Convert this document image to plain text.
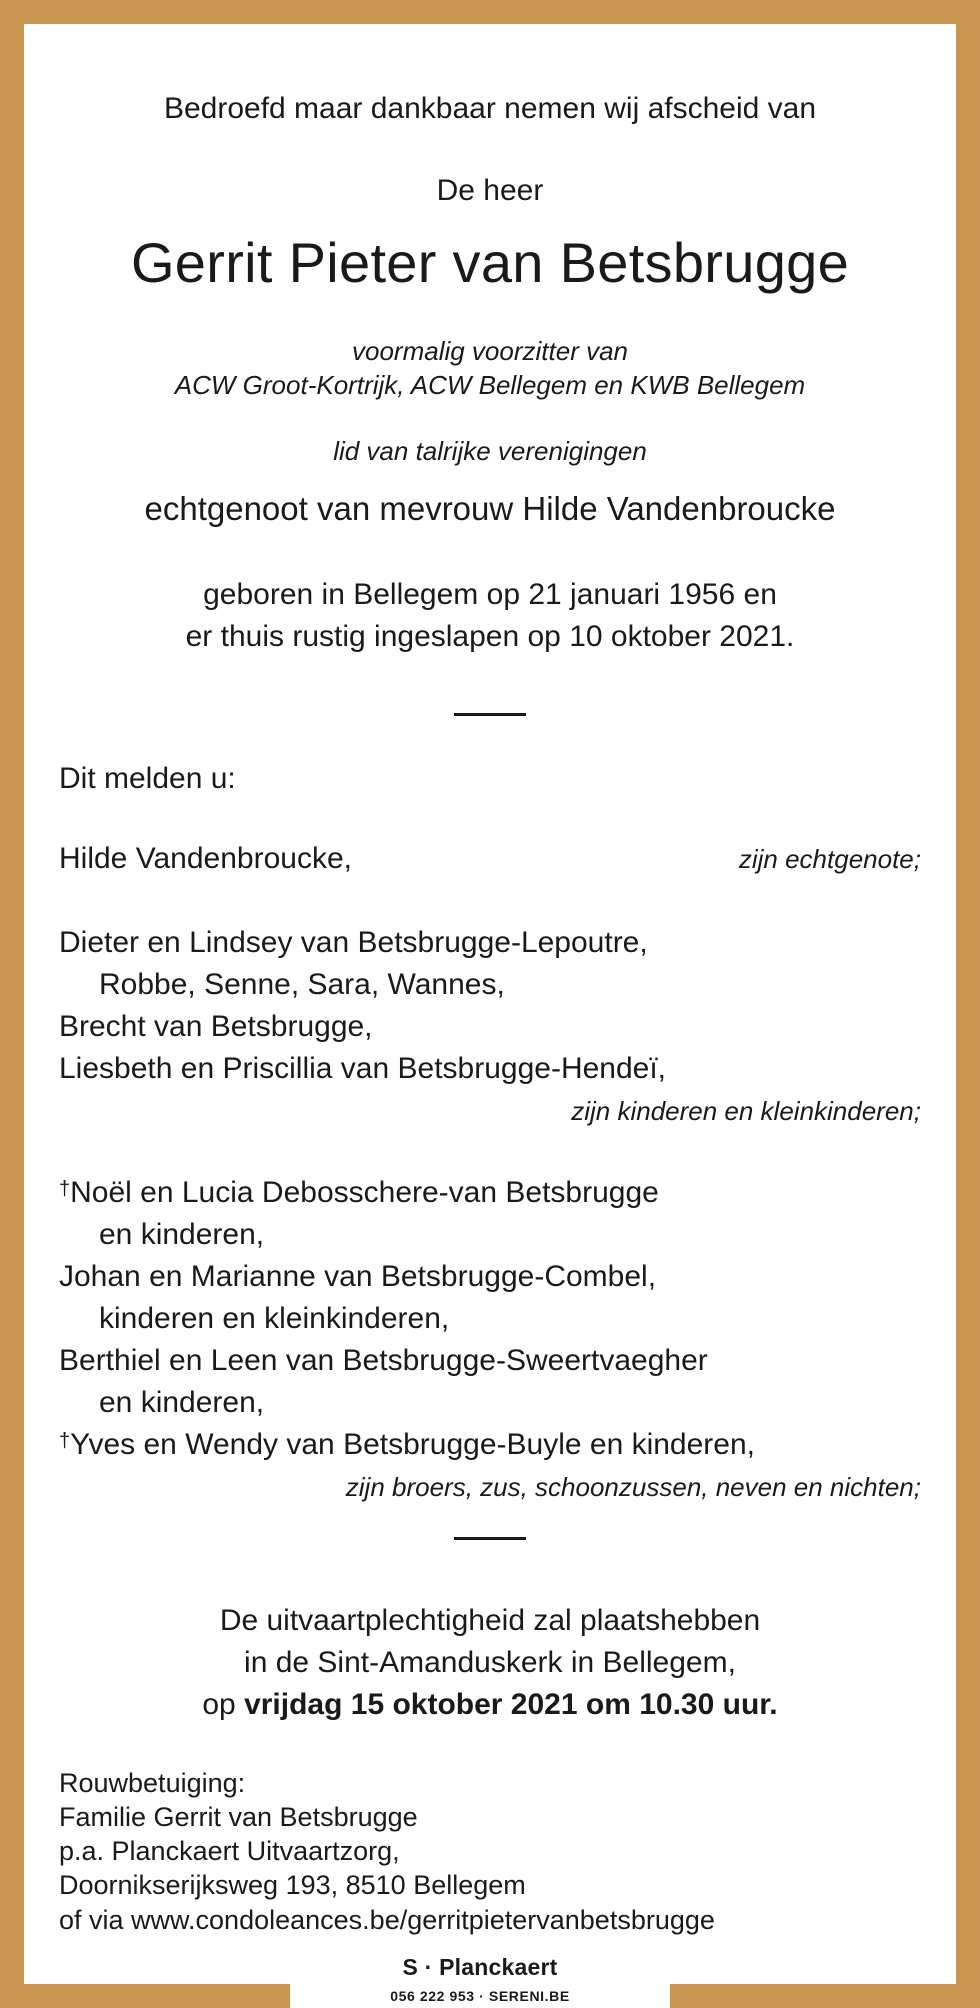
Bedroefd maar dankbaar nemen wij afscheid van
De heer
Gerrit Pieter van Betsbrugge
voormalig voorzitter van
ACW Groot-Kortrijk, ACW Bellegem en KWB Bellegem
lid van talrijke verenigingen
echtgenoot van mevrouw Hilde Vandenbroucke
geboren in Bellegem op 21 januari 1956 en
er thuis rustig ingeslapen op 10 oktober 2021.
Dit melden u:
Hilde Vandenbroucke,	zijn echtgenote;
Dieter en Lindsey van Betsbrugge-Lepoutre,
Robbe, Senne, Sara, Wannes,
Brecht van Betsbrugge,
Liesbeth en Priscillia van Betsbrugge-Hendeï,
zijn kinderen en kleinkinderen;
†Noël en Lucia Debosschere-van Betsbrugge
en kinderen,
Johan en Marianne van Betsbrugge-Combel,
kinderen en kleinkinderen,
Berthiel en Leen van Betsbrugge-Sweertvaegher
en kinderen,
†Yves en Wendy van Betsbrugge-Buyle en kinderen,
zijn broers, zus, schoonzussen, neven en nichten;
De uitvaartplechtigheid zal plaatshebben
in de Sint-Amanduskerk in Bellegem,
op vrijdag 15 oktober 2021 om 10.30 uur.
Rouwbetuiging:
Familie Gerrit van Betsbrugge
p.a. Planckaert Uitvaartzorg,
Doornikserijksweg 193, 8510 Bellegem
of via www.condoleances.be/gerritpietervanbetsbrugge
S · Planckaert
056 222 953 · SERENI.BE
